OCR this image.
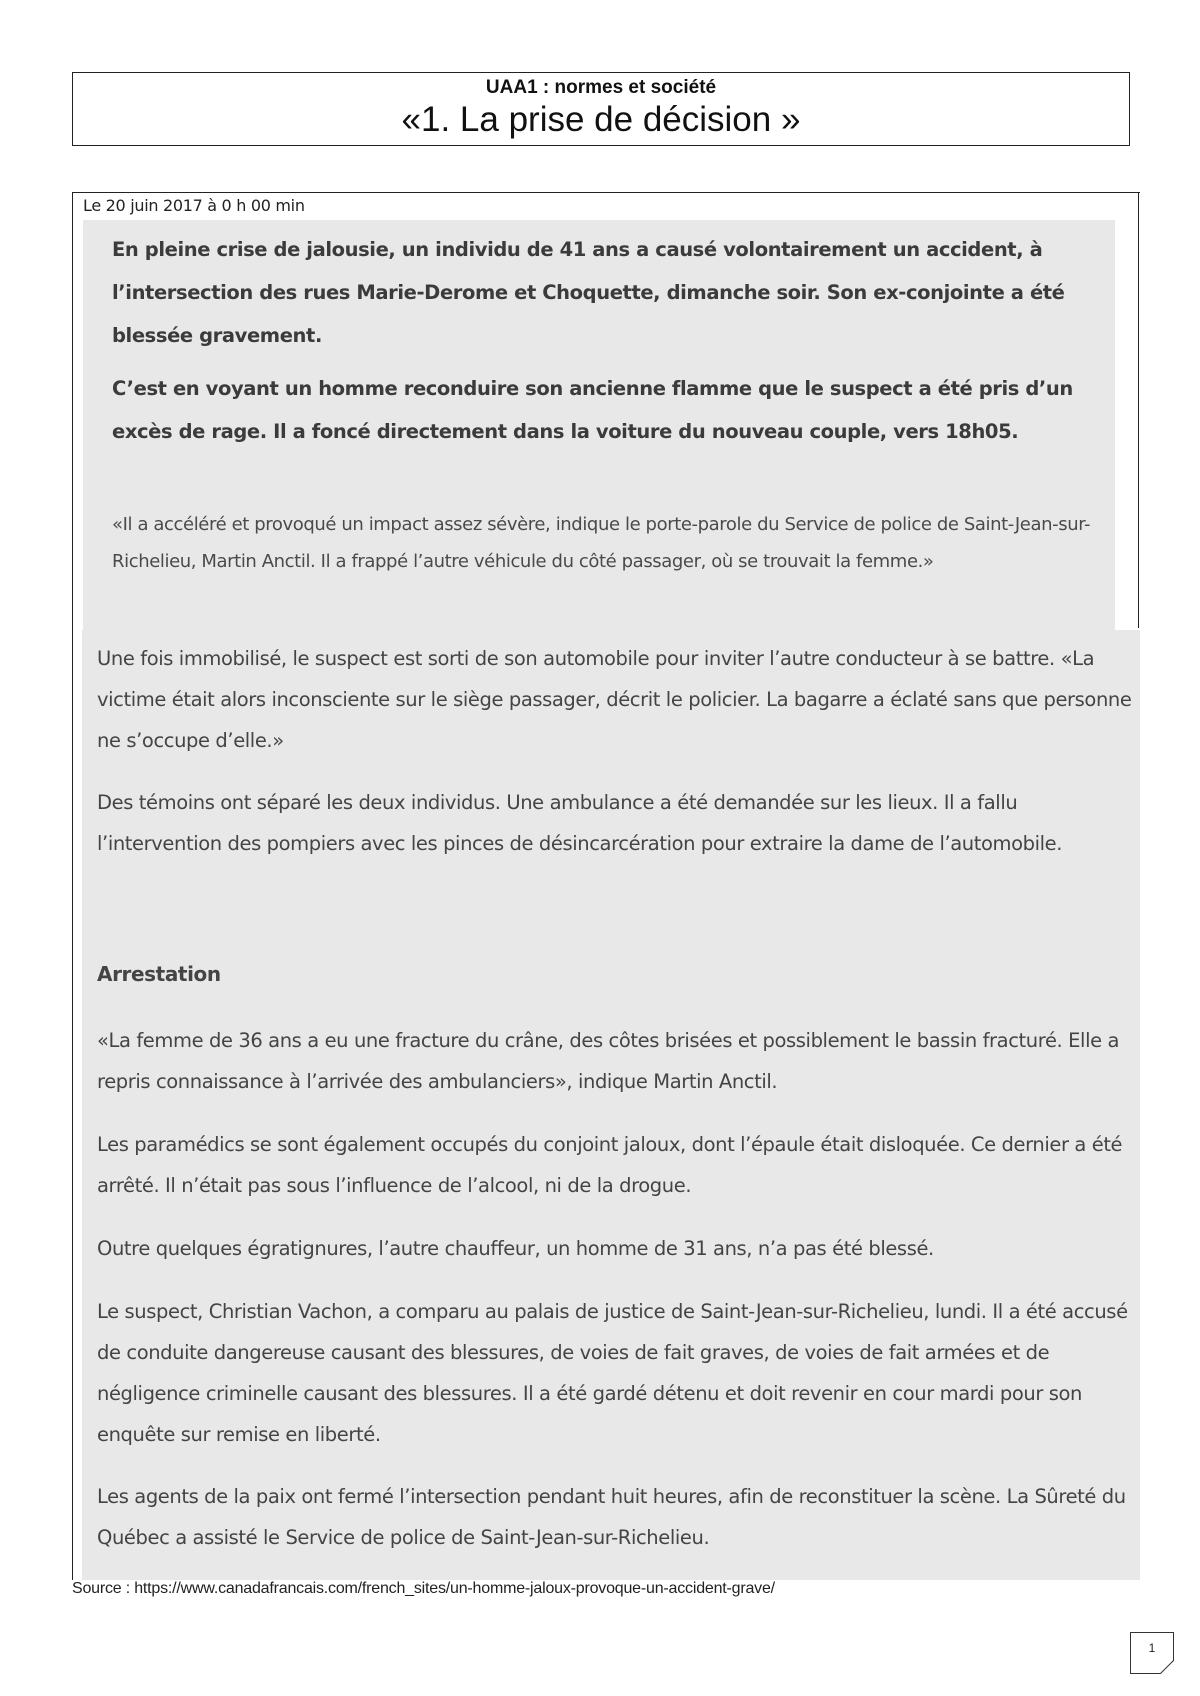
UAA1 : normes et société
«1. La prise de décision »
Le 20 juin 2017 à 0 h 00 min
En pleine crise de jalousie, un individu de 41 ans a causé volontairement un accident, à l’intersection des rues Marie-Derome et Choquette, dimanche soir. Son ex-conjointe a été blessée gravement.
C’est en voyant un homme reconduire son ancienne flamme que le suspect a été pris d’un excès de rage. Il a foncé directement dans la voiture du nouveau couple, vers 18h05.
«Il a accéléré et provoqué un impact assez sévère, indique le porte-parole du Service de police de Saint-Jean-sur-Richelieu, Martin Anctil. Il a frappé l’autre véhicule du côté passager, où se trouvait la femme.»
Une fois immobilisé, le suspect est sorti de son automobile pour inviter l’autre conducteur à se battre. «La victime était alors inconsciente sur le siège passager, décrit le policier. La bagarre a éclaté sans que personne ne s’occupe d’elle.»
Des témoins ont séparé les deux individus. Une ambulance a été demandée sur les lieux. Il a fallu l’intervention des pompiers avec les pinces de désincarcération pour extraire la dame de l’automobile.
Arrestation
«La femme de 36 ans a eu une fracture du crâne, des côtes brisées et possiblement le bassin fracturé. Elle a repris connaissance à l’arrivée des ambulanciers», indique Martin Anctil.
Les paramédics se sont également occupés du conjoint jaloux, dont l’épaule était disloquée. Ce dernier a été arrêté. Il n’était pas sous l’influence de l’alcool, ni de la drogue.
Outre quelques égratignures, l’autre chauffeur, un homme de 31 ans, n’a pas été blessé.
Le suspect, Christian Vachon, a comparu au palais de justice de Saint-Jean-sur-Richelieu, lundi. Il a été accusé de conduite dangereuse causant des blessures, de voies de fait graves, de voies de fait armées et de négligence criminelle causant des blessures. Il a été gardé détenu et doit revenir en cour mardi pour son enquête sur remise en liberté.
Les agents de la paix ont fermé l’intersection pendant huit heures, afin de reconstituer la scène. La Sûreté du Québec a assisté le Service de police de Saint-Jean-sur-Richelieu.
Source : https://www.canadafrancais.com/french_sites/un-homme-jaloux-provoque-un-accident-grave/
1
